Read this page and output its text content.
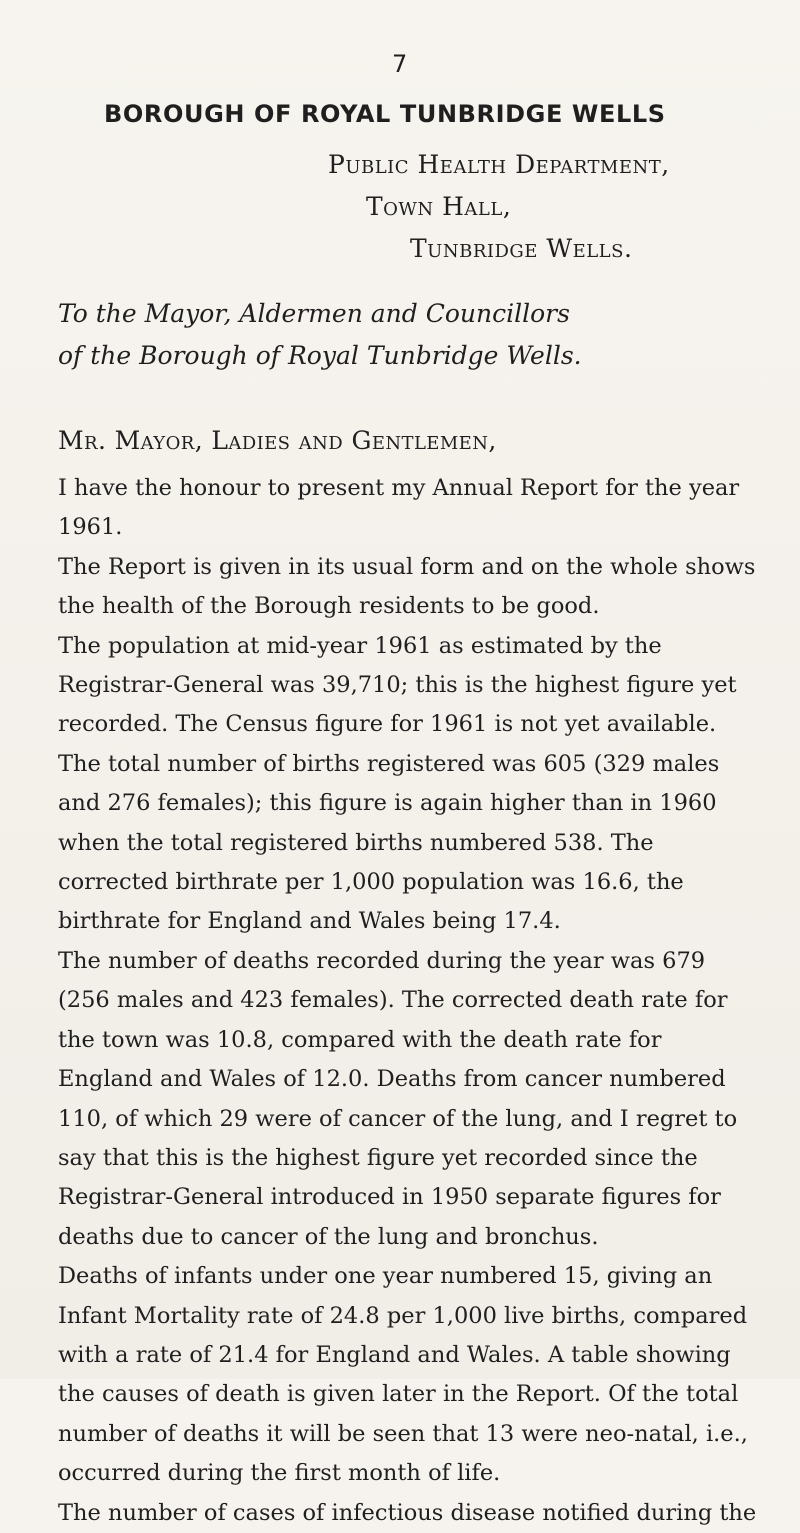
7
BOROUGH OF ROYAL TUNBRIDGE WELLS
Public Health Department,
Town Hall,
Tunbridge Wells.
To the Mayor, Aldermen and Councillors
of the Borough of Royal Tunbridge Wells.
Mr. Mayor, Ladies and Gentlemen,

I have the honour to present my Annual Report for the year 1961.

The Report is given in its usual form and on the whole shows the health of the Borough residents to be good.

The population at mid-year 1961 as estimated by the Registrar-General was 39,710; this is the highest figure yet recorded. The Census figure for 1961 is not yet available.

The total number of births registered was 605 (329 males and 276 females); this figure is again higher than in 1960 when the total registered births numbered 538. The corrected birthrate per 1,000 population was 16.6, the birthrate for England and Wales being 17.4.

The number of deaths recorded during the year was 679 (256 males and 423 females). The corrected death rate for the town was 10.8, compared with the death rate for England and Wales of 12.0. Deaths from cancer numbered 110, of which 29 were of cancer of the lung, and I regret to say that this is the highest figure yet recorded since the Registrar-General introduced in 1950 separate figures for deaths due to cancer of the lung and bronchus.

Deaths of infants under one year numbered 15, giving an Infant Mortality rate of 24.8 per 1,000 live births, compared with a rate of 21.4 for England and Wales. A table showing the causes of death is given later in the Report. Of the total number of deaths it will be seen that 13 were neo-natal, i.e., occurred during the first month of life.

The number of cases of infectious disease notified during the
